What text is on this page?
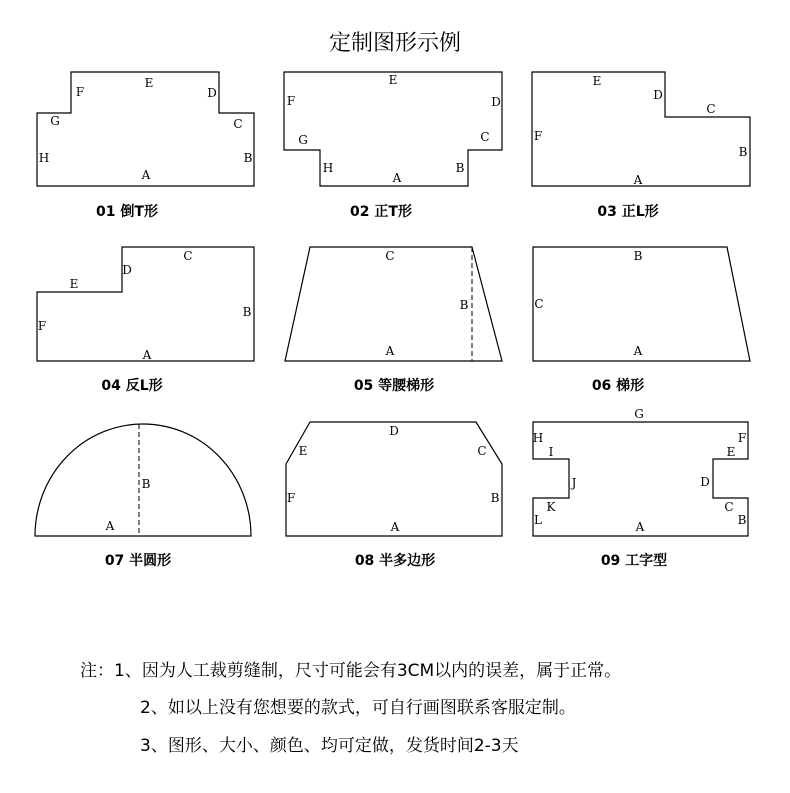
定制图形示例
A
B
C
D
E
F
G
H
01 倒T形
A
B
C
D
E
F
G
H
02 正T形
A
B
C
D
E
F
03 正L形
A
B
C
D
E
F
04 反L形
A
B
C
05 等腰梯形
A
B
C
06 梯形
A
B
07 半圆形
A
B
C
D
E
F
08 半多边形
A	B
C
D
E
F
G
H
I
J
K
L
09 工字型
注：1、因为人工裁剪缝制，尺寸可能会有3CM以内的误差，属于正常。
2、如以上没有您想要的款式，可自行画图联系客服定制。
3、图形、大小、颜色、均可定做，发货时间2-3天
